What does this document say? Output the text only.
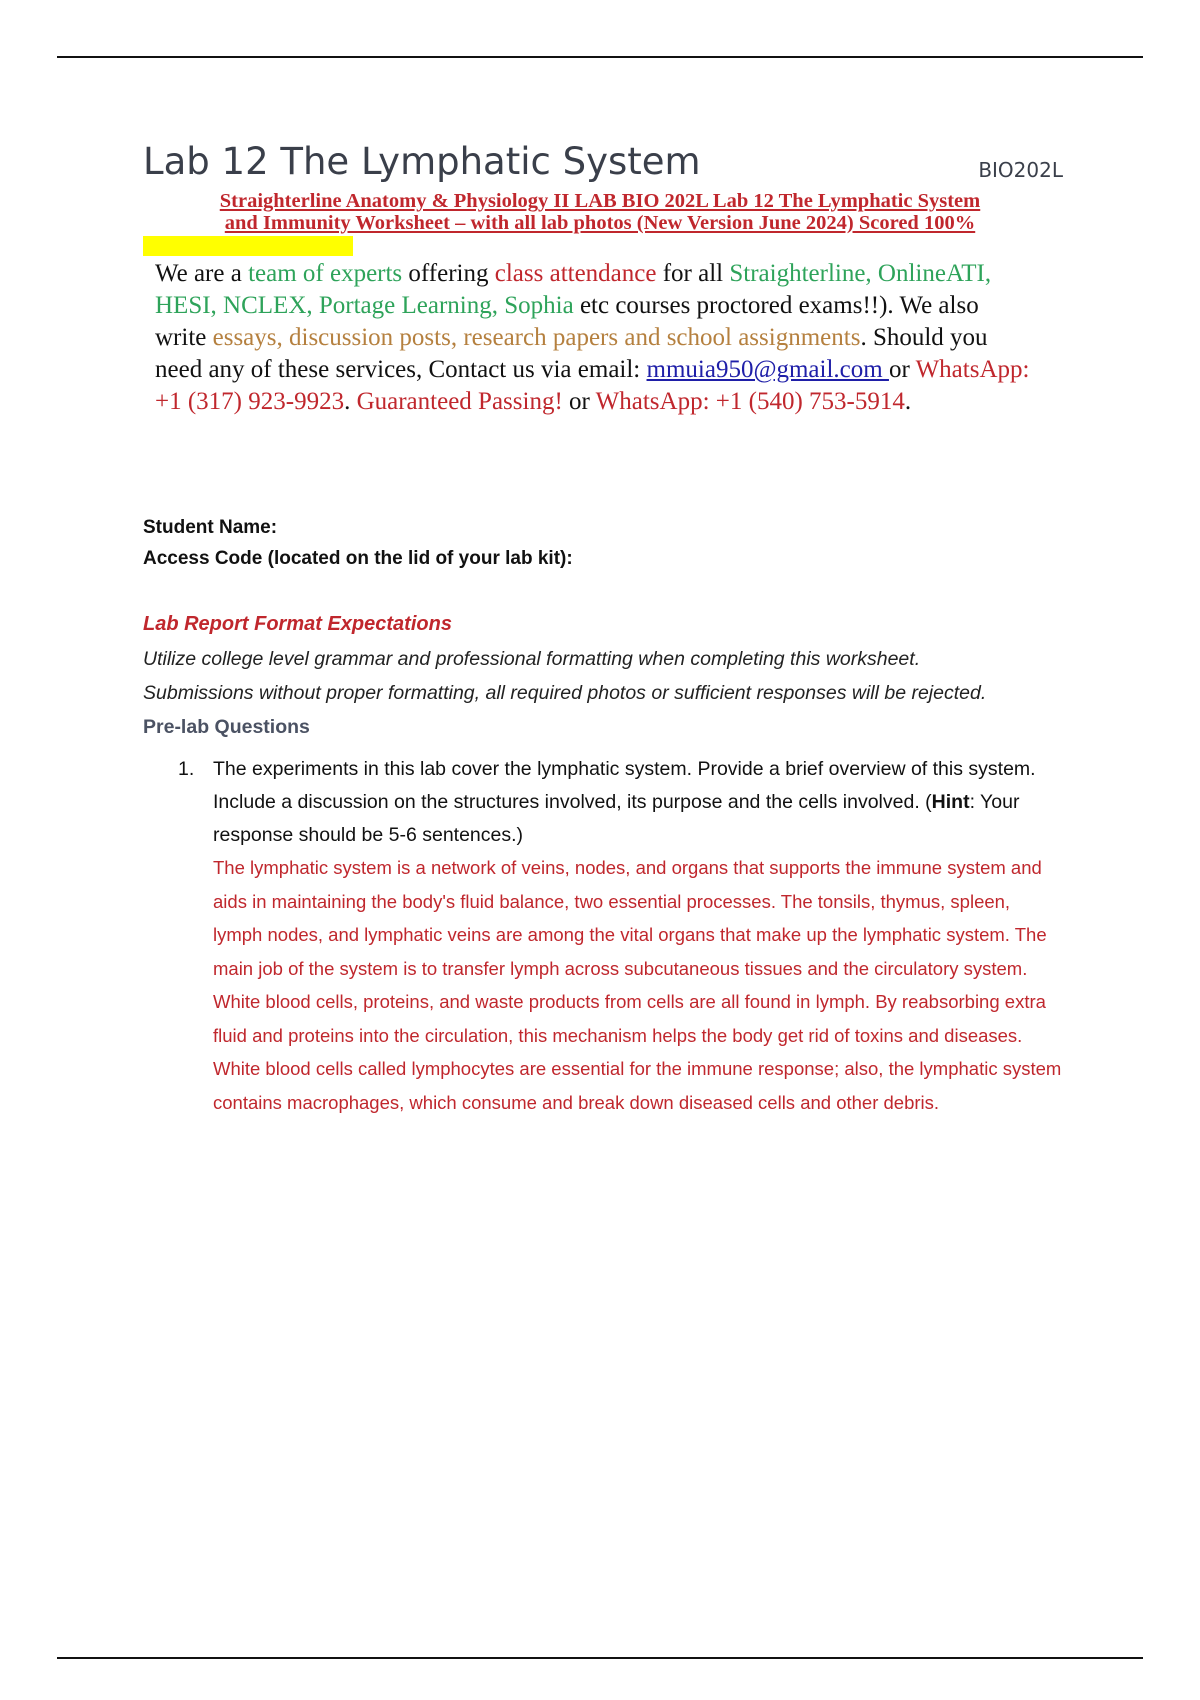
Lab 12 The Lymphatic System	BIO202L
Straighterline Anatomy & Physiology II LAB BIO 202L Lab 12 The Lymphatic System
and Immunity Worksheet – with all lab photos (New Version June 2024) Scored 100%
We are a team of experts offering class attendance for all Straighterline, OnlineATI, HESI, NCLEX, Portage Learning, Sophia etc courses proctored exams!!). We also write essays, discussion posts, research papers and school assignments. Should you need any of these services, Contact us via email: mmuia950@gmail.com or WhatsApp: +1 (317) 923-9923. Guaranteed Passing! or WhatsApp: +1 (540) 753-5914.
Student Name:
Access Code (located on the lid of your lab kit):
Lab Report Format Expectations
Utilize college level grammar and professional formatting when completing this worksheet. Submissions without proper formatting, all required photos or sufficient responses will be rejected. Pre-lab Questions
1. The experiments in this lab cover the lymphatic system. Provide a brief overview of this system. Include a discussion on the structures involved, its purpose and the cells involved. (Hint: Your response should be 5-6 sentences.)
The lymphatic system is a network of veins, nodes, and organs that supports the immune system and aids in maintaining the body's fluid balance, two essential processes. The tonsils, thymus, spleen, lymph nodes, and lymphatic veins are among the vital organs that make up the lymphatic system. The main job of the system is to transfer lymph across subcutaneous tissues and the circulatory system. White blood cells, proteins, and waste products from cells are all found in lymph. By reabsorbing extra fluid and proteins into the circulation, this mechanism helps the body get rid of toxins and diseases. White blood cells called lymphocytes are essential for the immune response; also, the lymphatic system contains macrophages, which consume and break down diseased cells and other debris.
